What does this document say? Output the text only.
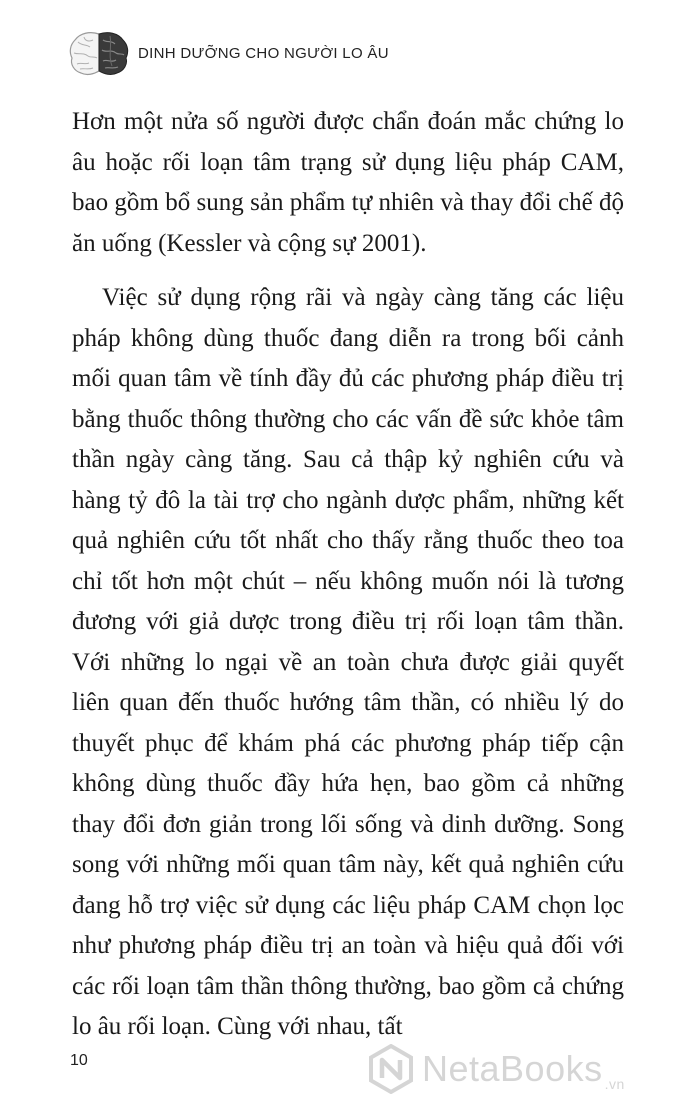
DINH DƯỠNG CHO NGƯỜI LO ÂU

Hơn một nửa số người được chẩn đoán mắc chứng lo âu hoặc rối loạn tâm trạng sử dụng liệu pháp CAM, bao gồm bổ sung sản phẩm tự nhiên và thay đổi chế độ ăn uống (Kessler và cộng sự 2001).

Việc sử dụng rộng rãi và ngày càng tăng các liệu pháp không dùng thuốc đang diễn ra trong bối cảnh mối quan tâm về tính đầy đủ các phương pháp điều trị bằng thuốc thông thường cho các vấn đề sức khỏe tâm thần ngày càng tăng. Sau cả thập kỷ nghiên cứu và hàng tỷ đô la tài trợ cho ngành dược phẩm, những kết quả nghiên cứu tốt nhất cho thấy rằng thuốc theo toa chỉ tốt hơn một chút – nếu không muốn nói là tương đương với giả dược trong điều trị rối loạn tâm thần. Với những lo ngại về an toàn chưa được giải quyết liên quan đến thuốc hướng tâm thần, có nhiều lý do thuyết phục để khám phá các phương pháp tiếp cận không dùng thuốc đầy hứa hẹn, bao gồm cả những thay đổi đơn giản trong lối sống và dinh dưỡng. Song song với những mối quan tâm này, kết quả nghiên cứu đang hỗ trợ việc sử dụng các liệu pháp CAM chọn lọc như phương pháp điều trị an toàn và hiệu quả đối với các rối loạn tâm thần thông thường, bao gồm cả chứng lo âu rối loạn. Cùng với nhau, tất

10	NetaBooks $_{.vn}$
